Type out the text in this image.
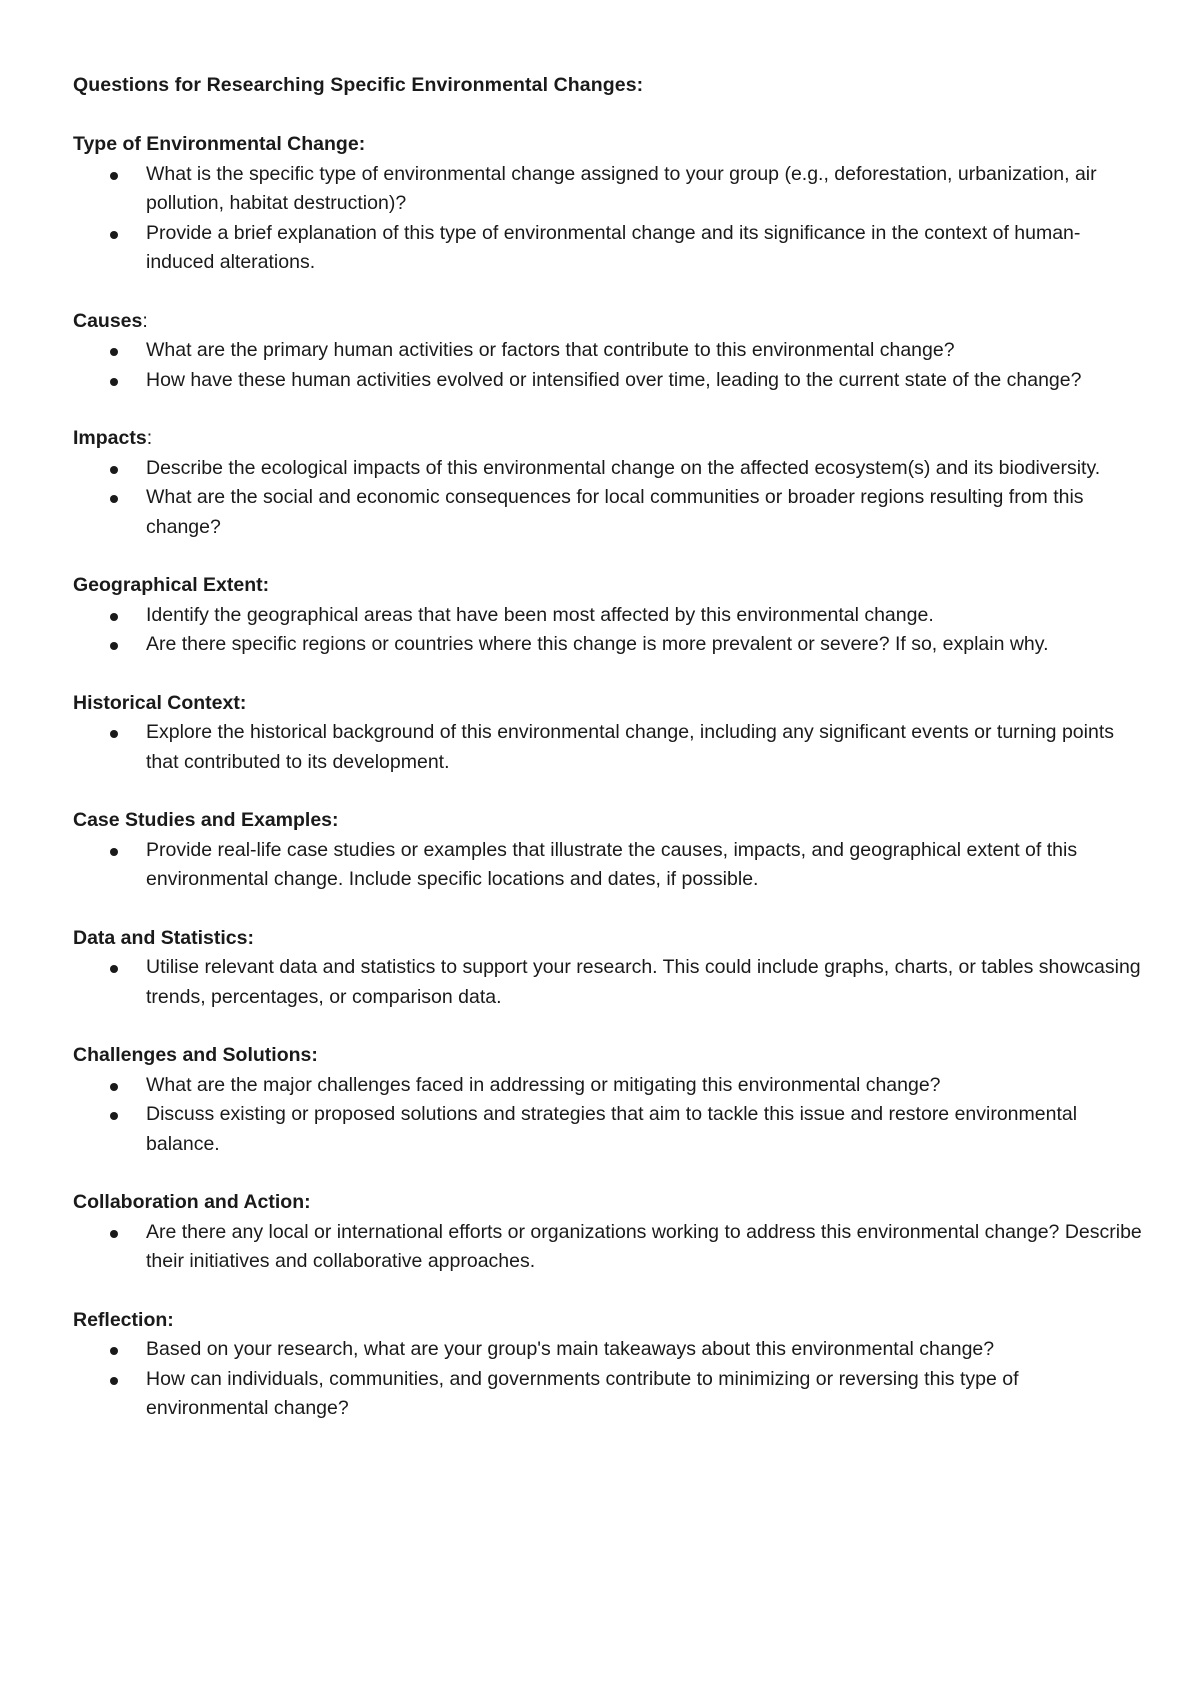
Questions for Researching Specific Environmental Changes:
Type of Environmental Change:
What is the specific type of environmental change assigned to your group (e.g., deforestation, urbanization, air pollution, habitat destruction)?
Provide a brief explanation of this type of environmental change and its significance in the context of human-induced alterations.
Causes:
What are the primary human activities or factors that contribute to this environmental change?
How have these human activities evolved or intensified over time, leading to the current state of the change?
Impacts:
Describe the ecological impacts of this environmental change on the affected ecosystem(s) and its biodiversity.
What are the social and economic consequences for local communities or broader regions resulting from this change?
Geographical Extent:
Identify the geographical areas that have been most affected by this environmental change.
Are there specific regions or countries where this change is more prevalent or severe? If so, explain why.
Historical Context:
Explore the historical background of this environmental change, including any significant events or turning points that contributed to its development.
Case Studies and Examples:
Provide real-life case studies or examples that illustrate the causes, impacts, and geographical extent of this environmental change. Include specific locations and dates, if possible.
Data and Statistics:
Utilise relevant data and statistics to support your research. This could include graphs, charts, or tables showcasing trends, percentages, or comparison data.
Challenges and Solutions:
What are the major challenges faced in addressing or mitigating this environmental change?
Discuss existing or proposed solutions and strategies that aim to tackle this issue and restore environmental balance.
Collaboration and Action:
Are there any local or international efforts or organizations working to address this environmental change? Describe their initiatives and collaborative approaches.
Reflection:
Based on your research, what are your group's main takeaways about this environmental change?
How can individuals, communities, and governments contribute to minimizing or reversing this type of environmental change?
